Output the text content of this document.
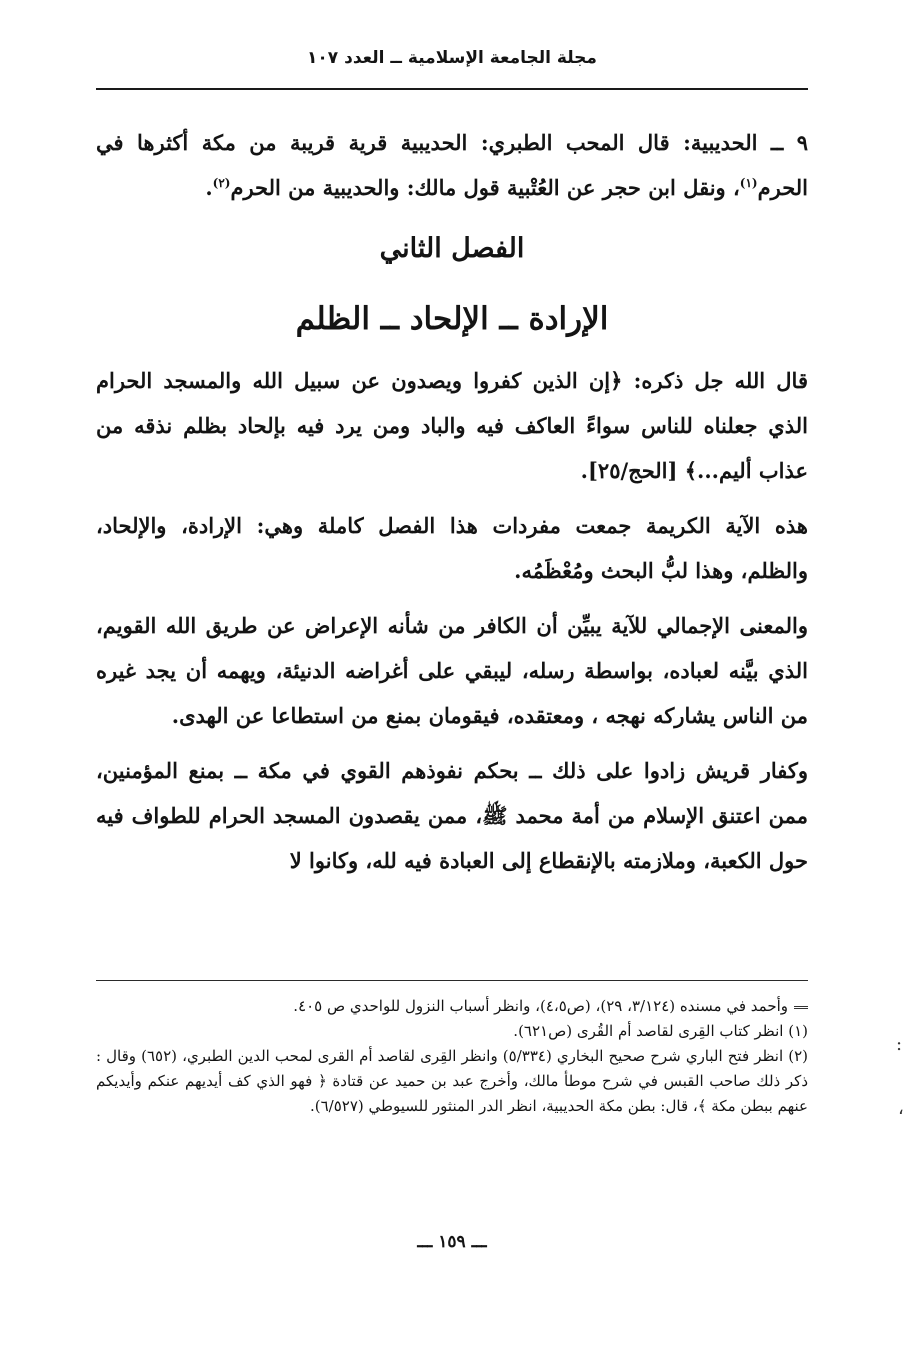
مجلة الجامعة الإسلامية ــ العدد ١٠٧

٩ ــ الحديبية: قال المحب الطبري: الحديبية قرية قريبة من مكة أكثرها في الحرم$^{(١)}$، ونقل ابن حجر عن العُتْبية قول مالك: والحديبية من الحرم$^{(٢)}$.

الفصل الثاني

الإرادة ــ الإلحاد ــ الظلم

قال الله جل ذكره: ﴿إن الذين كفروا ويصدون عن سبيل الله والمسجد الحرام الذي جعلناه للناس سواءً العاكف فيه والباد ومن يرد فيه بإلحاد بظلم نذقه من عذاب أليم...﴾ [الحج/٢٥].

هذه الآية الكريمة جمعت مفردات هذا الفصل كاملة وهي: الإرادة، والإلحاد، والظلم، وهذا لبُّ البحث ومُعْظَمُه.

والمعنى الإجمالي للآية يبيِّن أن الكافر من شأنه الإعراض عن طريق الله القويم، الذي بيَّنه لعباده، بواسطة رسله، ليبقي على أغراضه الدنيئة، ويهمه أن يجد غيره من الناس يشاركه نهجه ، ومعتقده، فيقومان بمنع من استطاعا عن الهدى.

وكفار قريش زادوا على ذلك ــ بحكم نفوذهم القوي في مكة ــ بمنع المؤمنين، ممن اعتنق الإسلام من أمة محمد ﷺ، ممن يقصدون المسجد الحرام للطواف فيه حول الكعبة، وملازمته بالإنقطاع إلى العبادة فيه لله، وكانوا لا

وأحمد في مسنده (٣/١٢٤، ٢٩)، (ص٤،٥)، وانظر أسباب النزول للواحدي ص ٤٠٥.

(١) انظر كتاب القِرى لقاصد أم القُرى (ص٦٢١).

(٢) انظر فتح الباري شرح صحيح البخاري (٥/٣٣٤) وانظر القِرى لقاصد أم القرى لمحب الدين الطبري، (٦٥٢) وقال : ذكر ذلك صاحب القبس في شرح موطأ مالك، وأخرج عبد بن حميد عن قتادة ﴿ فهو الذي كف أيديهم عنكم وأيديكم عنهم ببطن مكة ﴾، قال: بطن مكة الحديبية، انظر الدر المنثور للسيوطي (٦/٥٢٧).

ـــ ١٥٩ ـــ
:
،
